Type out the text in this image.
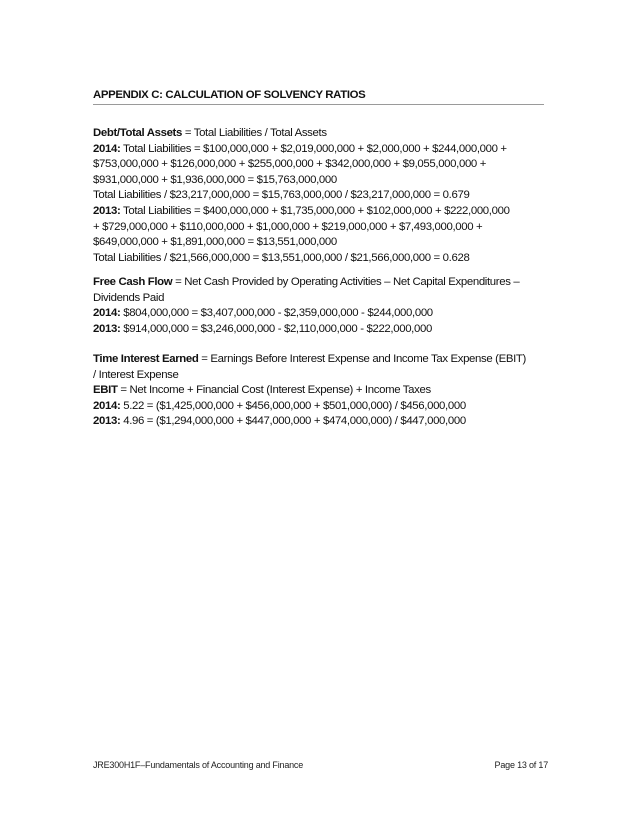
APPENDIX C: CALCULATION OF SOLVENCY RATIOS
Debt/Total Assets = Total Liabilities / Total Assets
2014: Total Liabilities = $100,000,000 + $2,019,000,000 + $2,000,000 + $244,000,000 +
$753,000,000 + $126,000,000 + $255,000,000 + $342,000,000 + $9,055,000,000 +
$931,000,000 + $1,936,000,000 = $15,763,000,000
Total Liabilities / $23,217,000,000 = $15,763,000,000 / $23,217,000,000 = 0.679
2013: Total Liabilities = $400,000,000 + $1,735,000,000 + $102,000,000 + $222,000,000
+ $729,000,000 + $110,000,000 + $1,000,000 + $219,000,000 + $7,493,000,000 +
$649,000,000 + $1,891,000,000 = $13,551,000,000
Total Liabilities / $21,566,000,000 = $13,551,000,000 / $21,566,000,000 = 0.628
Free Cash Flow = Net Cash Provided by Operating Activities – Net Capital Expenditures –
Dividends Paid
2014: $804,000,000 = $3,407,000,000 - $2,359,000,000 - $244,000,000
2013: $914,000,000 = $3,246,000,000 - $2,110,000,000 - $222,000,000
Time Interest Earned = Earnings Before Interest Expense and Income Tax Expense (EBIT)
/ Interest Expense
EBIT = Net Income + Financial Cost (Interest Expense) + Income Taxes
2014: 5.22 = ($1,425,000,000 + $456,000,000 + $501,000,000) / $456,000,000
2013: 4.96 = ($1,294,000,000 + $447,000,000 + $474,000,000) / $447,000,000
JRE300H1F–Fundamentals of Accounting and Finance	Page 13 of 17
